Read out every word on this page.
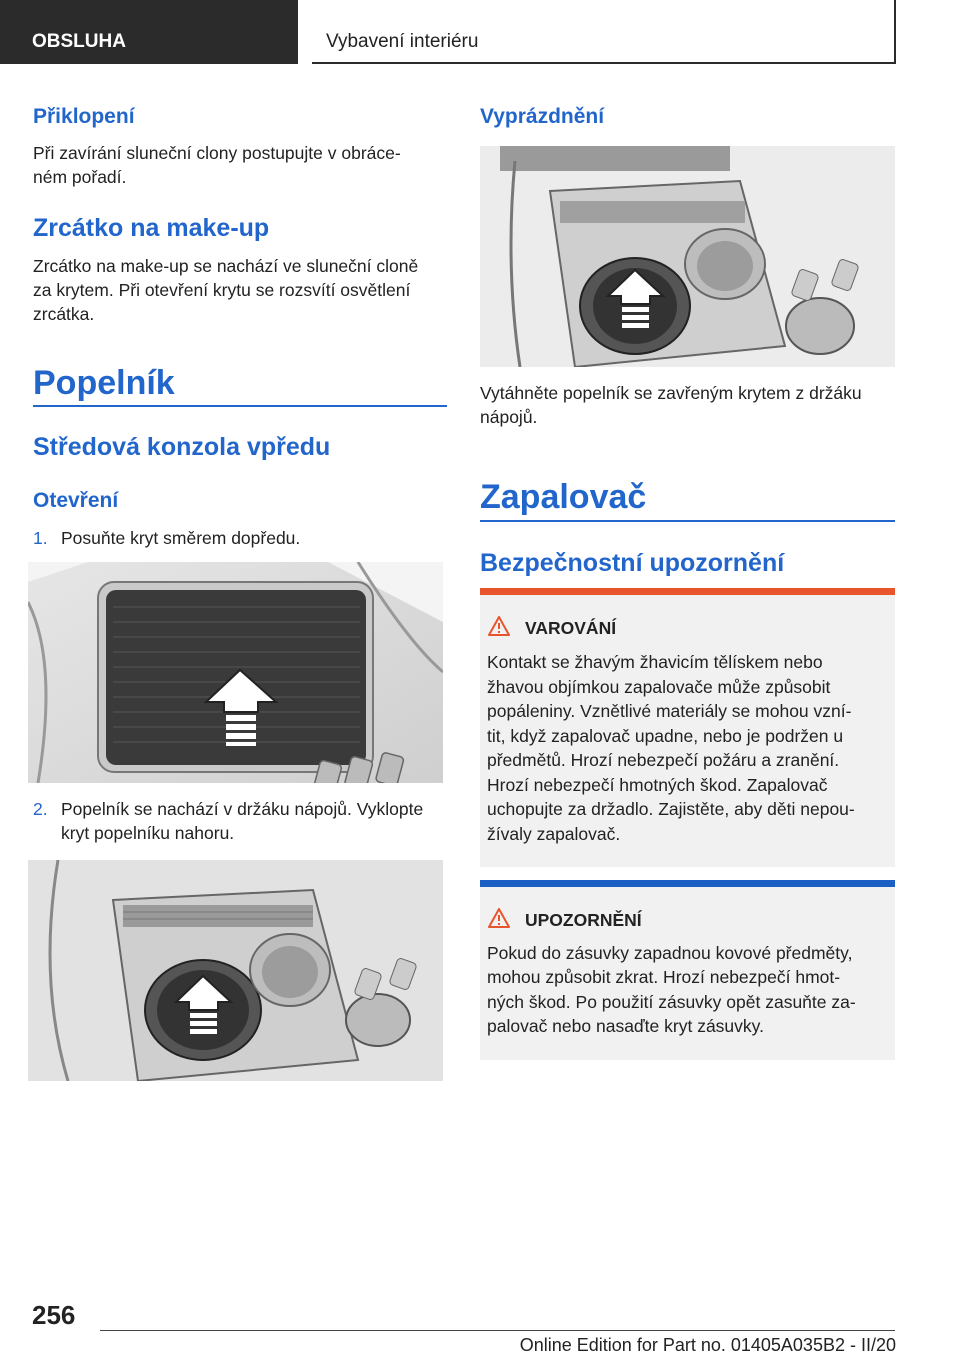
OBSLUHA	Vybavení interiéru
Přiklopení
Při zavírání sluneční clony postupujte v obráce‐
ném pořadí.
Zrcátko na make-up
Zrcátko na make-up se nachází ve sluneční cloně
za krytem. Při otevření krytu se rozsvítí osvětlení
zrcátka.
Popelník
Středová konzola vpředu
Otevření
1. Posuňte kryt směrem dopředu.
2. Popelník se nachází v držáku nápojů. Vyklopte
kryt popelníku nahoru.
Vyprázdnění
Vytáhněte popelník se zavřeným krytem z držáku
nápojů.
Zapalovač
Bezpečnostní upozornění
VAROVÁNÍ
Kontakt se žhavým žhavicím tělískem nebo
žhavou objímkou zapalovače může způsobit
popáleniny. Vznětlivé materiály se mohou vzní‐
tit, když zapalovač upadne, nebo je podržen u
předmětů. Hrozí nebezpečí požáru a zranění.
Hrozí nebezpečí hmotných škod. Zapalovač
uchopujte za držadlo. Zajistěte, aby děti nepou‐
žívaly zapalovač.
UPOZORNĚNÍ
Pokud do zásuvky zapadnou kovové předměty,
mohou způsobit zkrat. Hrozí nebezpečí hmot‐
ných škod. Po použití zásuvky opět zasuňte za‐
palovač nebo nasaďte kryt zásuvky.
256
Online Edition for Part no. 01405A035B2 - II/20
